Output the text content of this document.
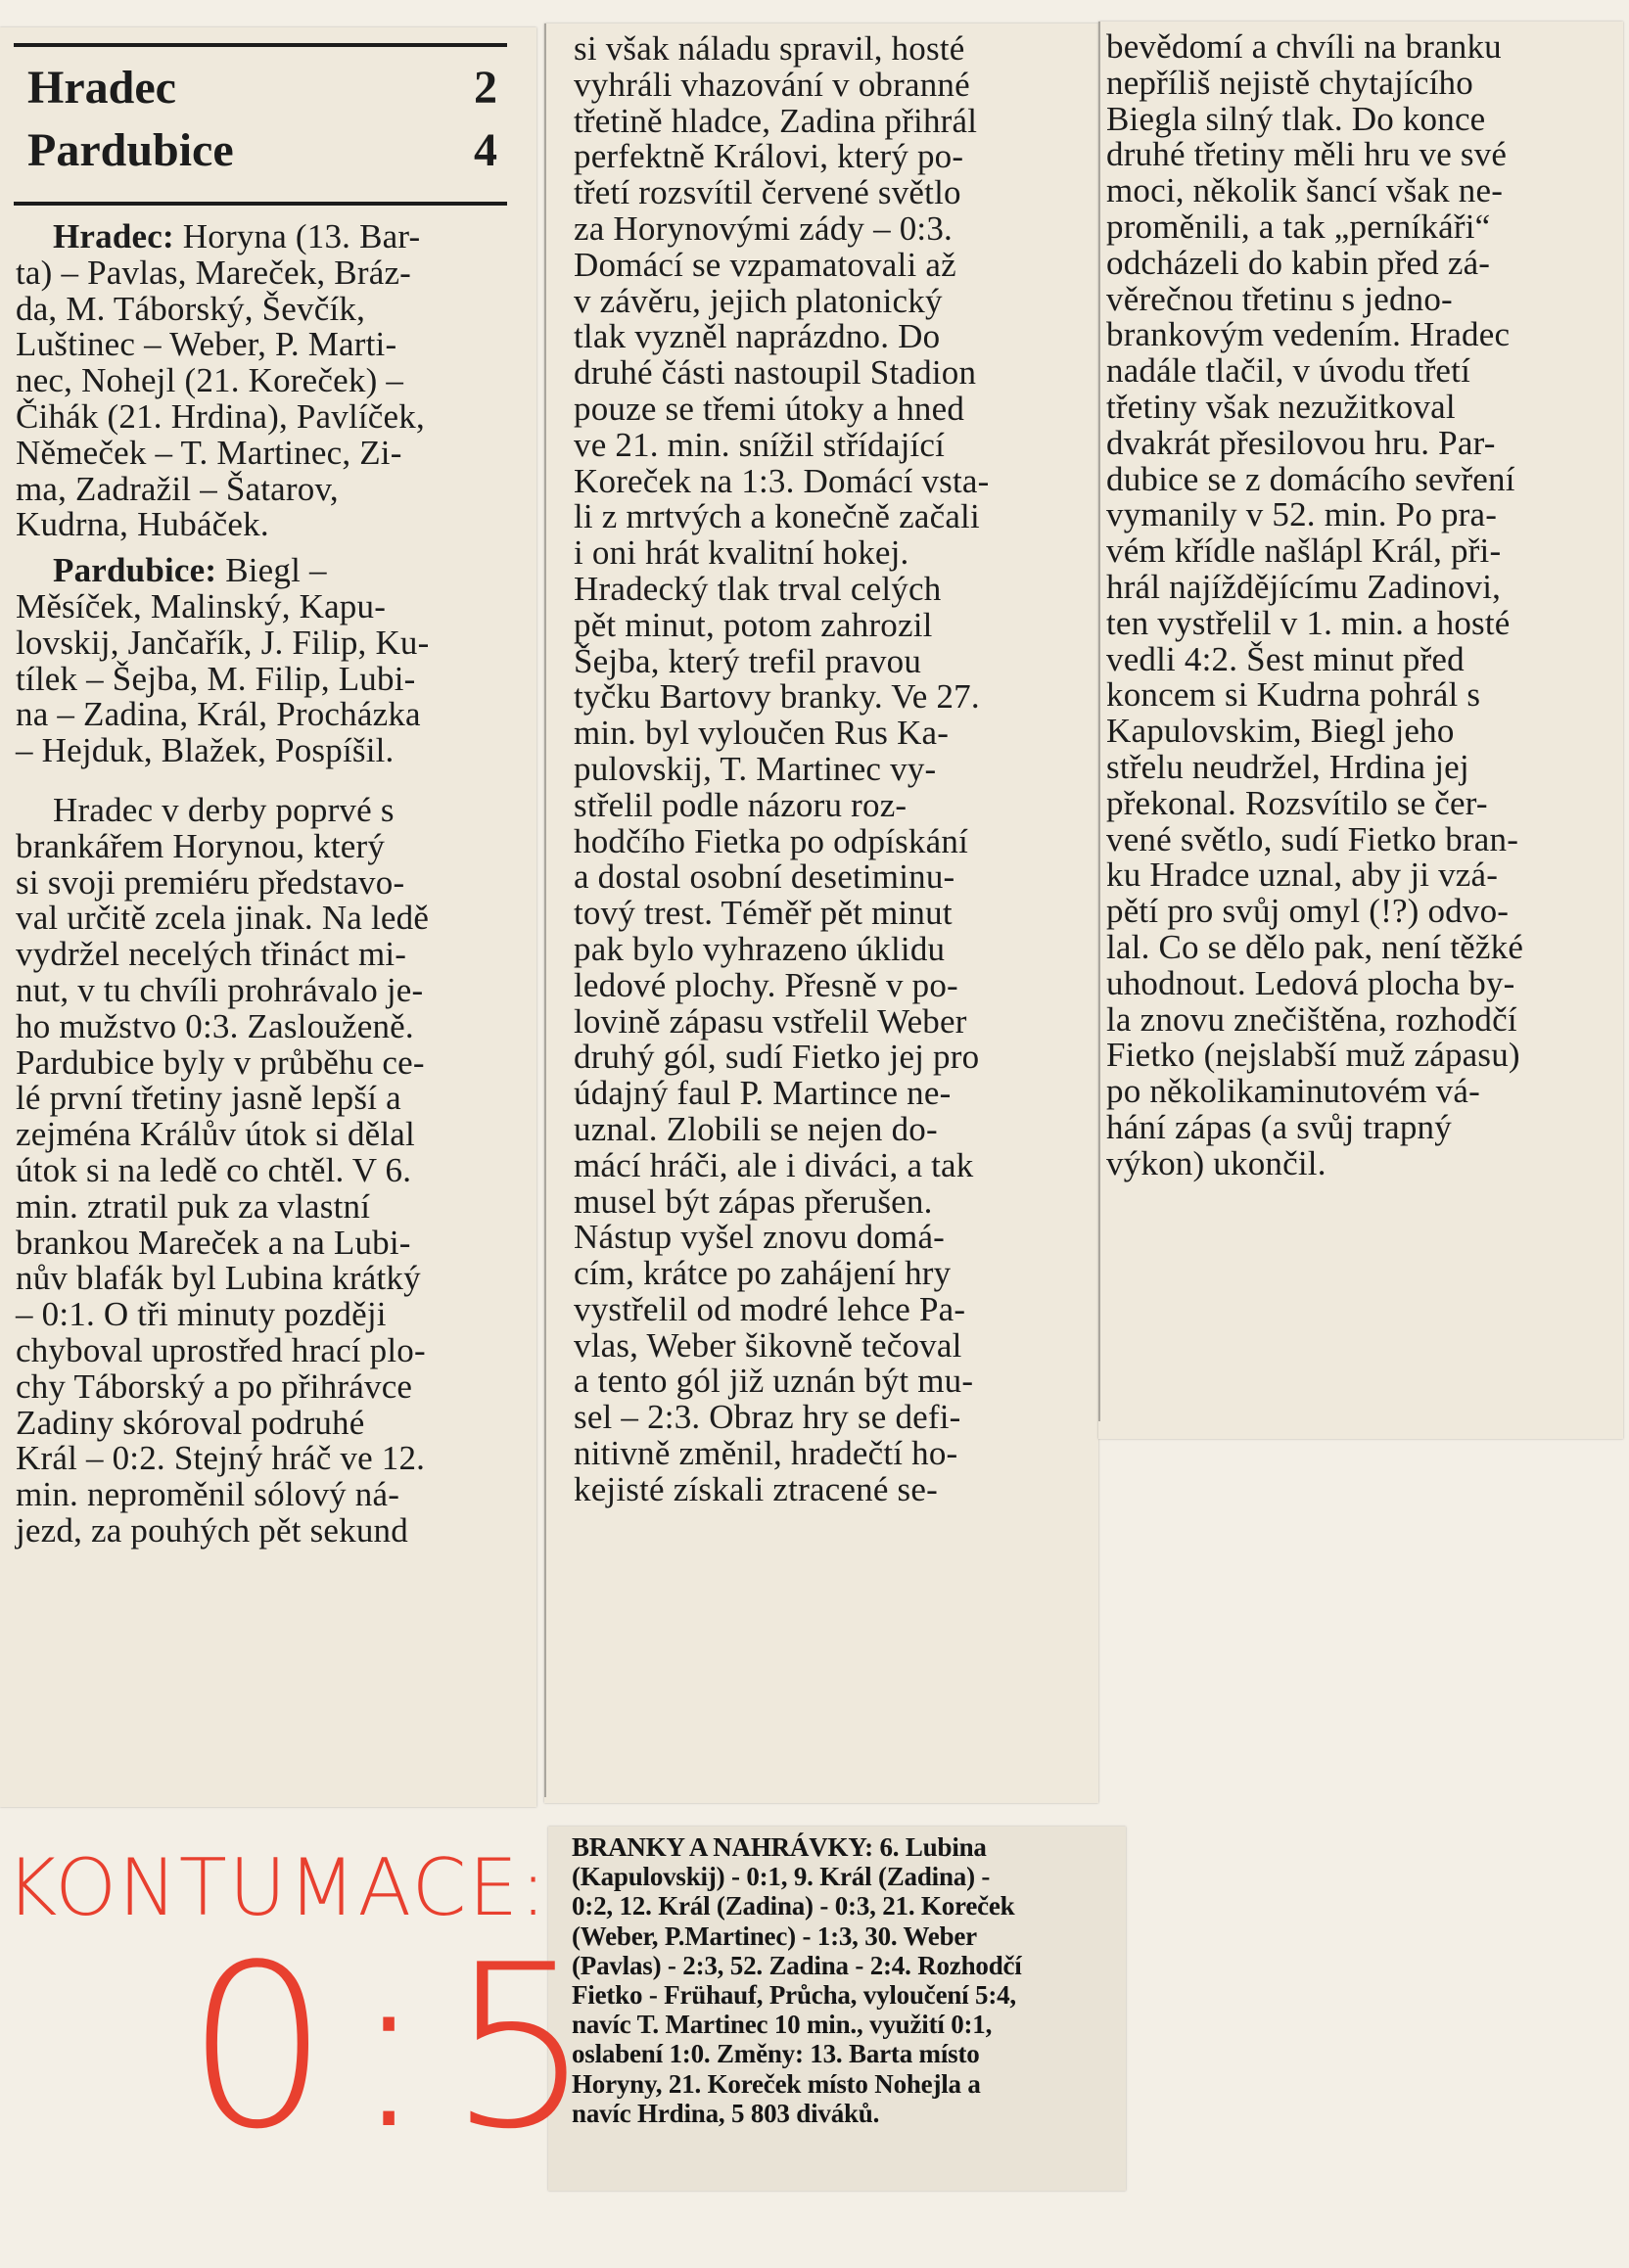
Hradec	2
Pardubice	4

Hradec: Horyna (13. Bar-
ta) – Pavlas, Mareček, Bráz-
da, M. Táborský, Ševčík,
Luštinec – Weber, P. Marti-
nec, Nohejl (21. Koreček) –
Čihák (21. Hrdina), Pavlíček,
Němeček – T. Martinec, Zi-
ma, Zadražil – Šatarov,
Kudrna, Hubáček.

Pardubice: Biegl –
Měsíček, Malinský, Kapu-
lovskij, Jančařík, J. Filip, Ku-
tílek – Šejba, M. Filip, Lubi-
na – Zadina, Král, Procházka
– Hejduk, Blažek, Pospíšil.

Hradec v derby poprvé s
brankářem Horynou, který
si svoji premiéru představo-
val určitě zcela jinak. Na ledě
vydržel necelých třináct mi-
nut, v tu chvíli prohrávalo je-
ho mužstvo 0:3. Zaslouženě.
Pardubice byly v průběhu ce-
lé první třetiny jasně lepší a
zejména Králův útok si dělal
útok si na ledě co chtěl. V 6.
min. ztratil puk za vlastní
brankou Mareček a na Lubi-
nův blafák byl Lubina krátký
– 0:1. O tři minuty později
chyboval uprostřed hrací plo-
chy Táborský a po přihrávce
Zadiny skóroval podruhé
Král – 0:2. Stejný hráč ve 12.
min. neproměnil sólový ná-
jezd, za pouhých pět sekund

si však náladu spravil, hosté
vyhráli vhazování v obranné
třetině hladce, Zadina přihrál
perfektně Královi, který po-
třetí rozsvítil červené světlo
za Horynovými zády – 0:3.
Domácí se vzpamatovali až
v závěru, jejich platonický
tlak vyzněl naprázdno. Do
druhé části nastoupil Stadion
pouze se třemi útoky a hned
ve 21. min. snížil střídající
Koreček na 1:3. Domácí vsta-
li z mrtvých a konečně začali
i oni hrát kvalitní hokej.
Hradecký tlak trval celých
pět minut, potom zahrozil
Šejba, který trefil pravou
tyčku Bartovy branky. Ve 27.
min. byl vyloučen Rus Ka-
pulovskij, T. Martinec vy-
střelil podle názoru roz-
hodčího Fietka po odpískání
a dostal osobní desetiminu-
tový trest. Téměř pět minut
pak bylo vyhrazeno úklidu
ledové plochy. Přesně v po-
lovině zápasu vstřelil Weber
druhý gól, sudí Fietko jej pro
údajný faul P. Martince ne-
uznal. Zlobili se nejen do-
mácí hráči, ale i diváci, a tak
musel být zápas přerušen.
Nástup vyšel znovu domá-
cím, krátce po zahájení hry
vystřelil od modré lehce Pa-
vlas, Weber šikovně tečoval
a tento gól již uznán být mu-
sel – 2:3. Obraz hry se defi-
nitivně změnil, hradečtí ho-
kejisté získali ztracené se-

bevědomí a chvíli na branku
nepříliš nejistě chytajícího
Biegla silný tlak. Do konce
druhé třetiny měli hru ve své
moci, několik šancí však ne-
proměnili, a tak „perníkáři“
odcházeli do kabin před zá-
věrečnou třetinu s jedno-
brankovým vedením. Hradec
nadále tlačil, v úvodu třetí
třetiny však nezužitkoval
dvakrát přesilovou hru. Par-
dubice se z domácího sevření
vymanily v 52. min. Po pra-
vém křídle našlápl Král, při-
hrál najíždějícímu Zadinovi,
ten vystřelil v 1. min. a hosté
vedli 4:2. Šest minut před
koncem si Kudrna pohrál s
Kapulovskim, Biegl jeho
střelu neudržel, Hrdina jej
překonal. Rozsvítilo se čer-
vené světlo, sudí Fietko bran-
ku Hradce uznal, aby ji vzá-
pětí pro svůj omyl (!?) odvo-
lal. Co se dělo pak, není těžké
uhodnout. Ledová plocha by-
la znovu znečištěna, rozhodčí
Fietko (nejslabší muž zápasu)
po několikaminutovém vá-
hání zápas (a svůj trapný
výkon) ukončil.

BRANKY A NAHRÁVKY: 6. Lubina
(Kapulovskij) - 0:1, 9. Král (Zadina) -
0:2, 12. Král (Zadina) - 0:3, 21. Koreček
(Weber, P.Martinec) - 1:3, 30. Weber
(Pavlas) - 2:3, 52. Zadina - 2:4. Rozhodčí
Fietko - Frühauf, Průcha, vyloučení 5:4,
navíc T. Martinec 10 min., využití 0:1,
oslabení 1:0. Změny: 13. Barta místo
Horyny, 21. Koreček místo Nohejla a
navíc Hrdina, 5 803 diváků.

KONTUMACE:
0:5
